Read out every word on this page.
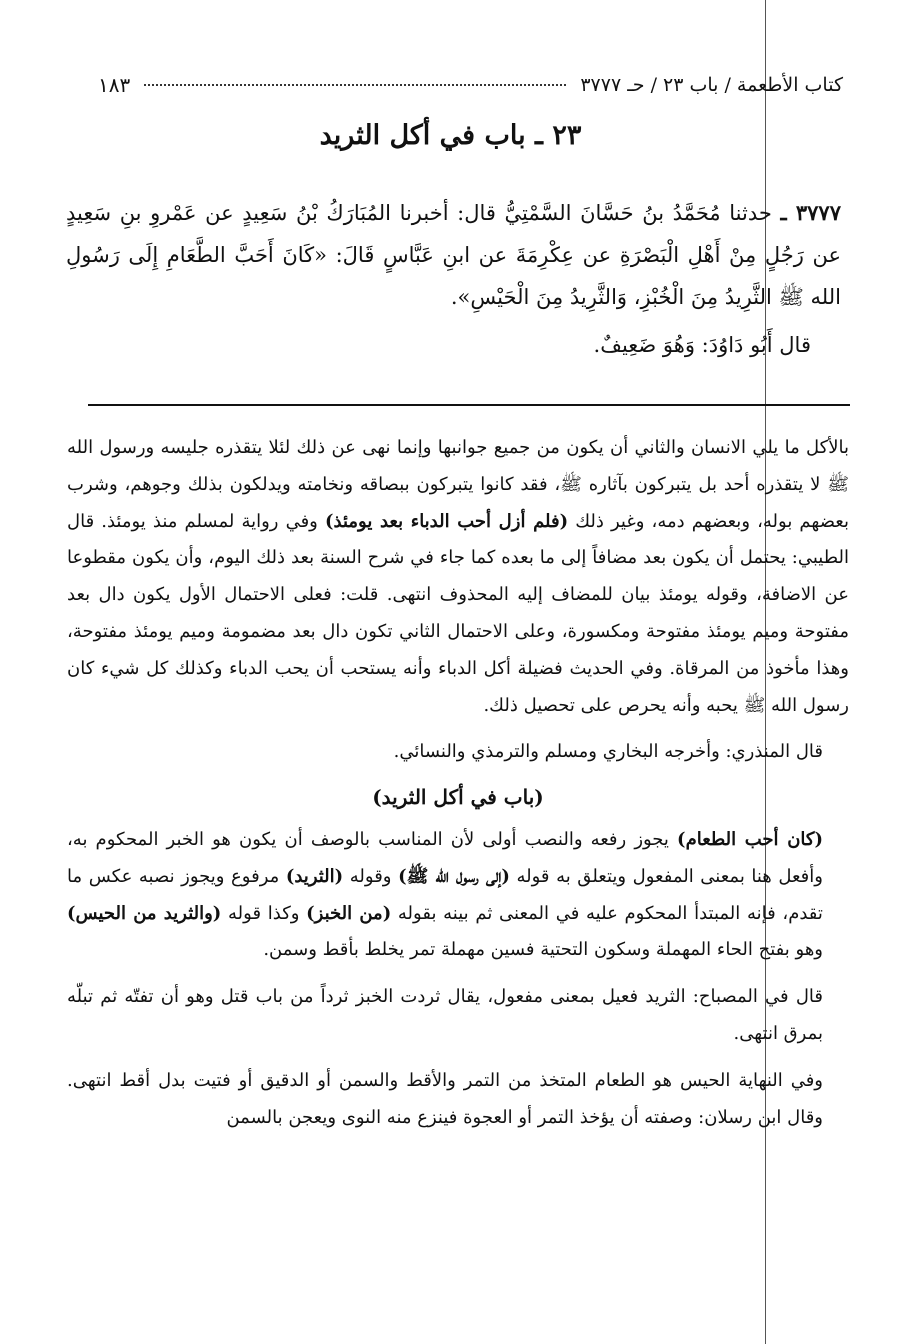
كتاب الأطعمة / باب ٢٣ / حـ ٣٧٧٧
١٨٣
٢٣ ـ باب في أكل الثريد

٣٧٧٧ ـ حدثنا مُحَمَّدُ بنُ حَسَّانَ السَّمْتِيُّ قال: أخبرنا المُبَارَكُ بْنُ سَعِيدٍ عن عَمْروِ بنِ سَعِيدٍ عن رَجُلٍ مِنْ أَهْلِ الْبَصْرَةِ عن عِكْرِمَةَ عن ابنِ عَبَّاسٍ قَالَ: «كَانَ أَحَبَّ الطَّعَامِ إِلَى رَسُولِ الله ﷺ الثَّرِيدُ مِنَ الْخُبْزِ، وَالثَّرِيدُ مِنَ الْحَيْسِ».

قال أَبُو دَاوُدَ: وَهُوَ ضَعِيفٌ.

بالأكل ما يلي الانسان والثاني أن يكون من جميع جوانبها وإنما نهى عن ذلك لئلا يتقذره جليسه ورسول الله ﷺ لا يتقذره أحد بل يتبركون بآثاره ﷺ، فقد كانوا يتبركون ببصاقه ونخامته ويدلكون بذلك وجوهم، وشرب بعضهم بوله، وبعضهم دمه، وغير ذلك (فلم أزل أحب الدباء بعد يومئذ) وفي رواية لمسلم منذ يومئذ. قال الطيبي: يحتمل أن يكون بعد مضافاً إلى ما بعده كما جاء في شرح السنة بعد ذلك اليوم، وأن يكون مقطوعا عن الاضافة، وقوله يومئذ بيان للمضاف إليه المحذوف انتهى. قلت: فعلى الاحتمال الأول يكون دال بعد مفتوحة وميم يومئذ مفتوحة ومكسورة، وعلى الاحتمال الثاني تكون دال بعد مضمومة وميم يومئذ مفتوحة، وهذا مأخوذ من المرقاة. وفي الحديث فضيلة أكل الدباء وأنه يستحب أن يحب الدباء وكذلك كل شيء كان رسول الله ﷺ يحبه وأنه يحرص على تحصيل ذلك.

قال المنذري: وأخرجه البخاري ومسلم والترمذي والنسائي.

(باب في أكل الثريد)

(كان أحب الطعام) يجوز رفعه والنصب أولى لأن المناسب بالوصف أن يكون هو الخبر المحكوم به، وأفعل هنا بمعنى المفعول ويتعلق به قوله (إلى رسول الله ﷺ) وقوله (الثريد) مرفوع ويجوز نصبه عكس ما تقدم، فإنه المبتدأ المحكوم عليه في المعنى ثم بينه بقوله (من الخبز) وكذا قوله (والثريد من الحيس) وهو بفتح الحاء المهملة وسكون التحتية فسين مهملة تمر يخلط بأقط وسمن.

قال في المصباح: الثريد فعيل بمعنى مفعول، يقال ثردت الخبز ثرداً من باب قتل وهو أن تفتّه ثم تبلّه بمرق انتهى.

وفي النهاية الحيس هو الطعام المتخذ من التمر والأقط والسمن أو الدقيق أو فتيت بدل أقط انتهى. وقال ابن رسلان: وصفته أن يؤخذ التمر أو العجوة فينزع منه النوى ويعجن بالسمن
